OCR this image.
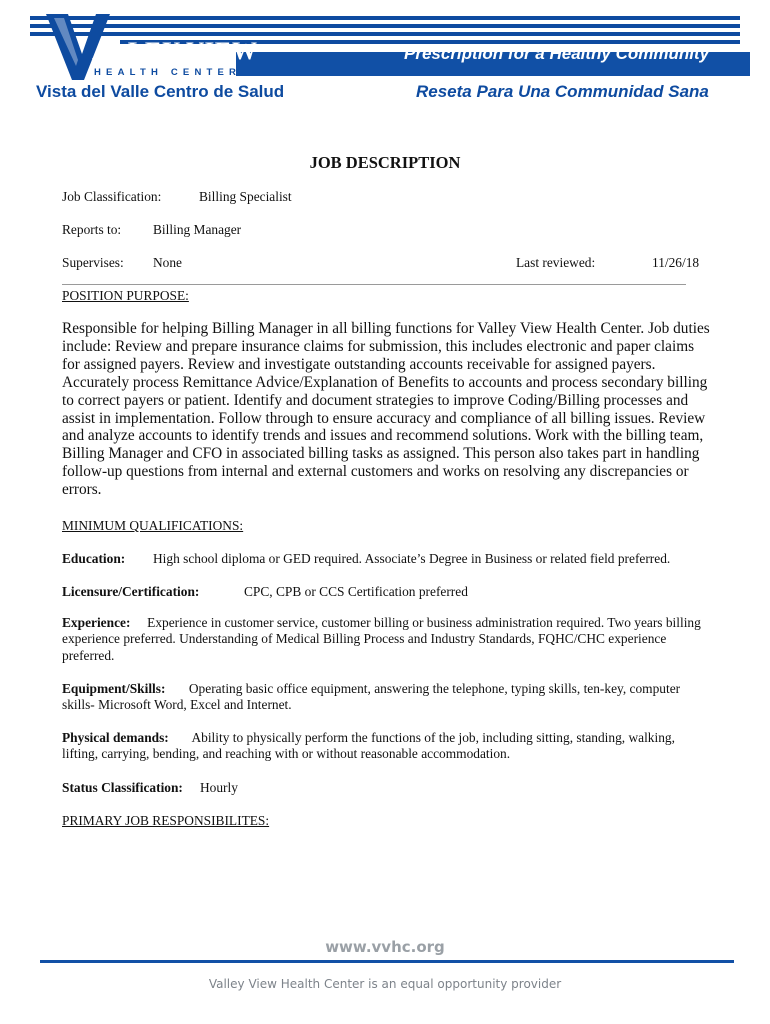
ALLEY VIEW
HEALTH CENTER
Vista del Valle Centro de Salud
Prescription for a Healthy Community
Reseta Para Una Communidad Sana
JOB DESCRIPTION
Job Classification:	Billing Specialist
Reports to: Billing Manager
Supervises: None	Last reviewed:	11/26/18
POSITION PURPOSE:
Responsible for helping Billing Manager in all billing functions for Valley View Health Center. Job duties include: Review and prepare insurance claims for submission, this includes electronic and paper claims for assigned payers. Review and investigate outstanding accounts receivable for assigned payers. Accurately process Remittance Advice/Explanation of Benefits to accounts and process secondary billing to correct payers or patient. Identify and document strategies to improve Coding/Billing processes and assist in implementation. Follow through to ensure accuracy and compliance of all billing issues. Review and analyze accounts to identify trends and issues and recommend solutions. Work with the billing team, Billing Manager and CFO in associated billing tasks as assigned. This person also takes part in handling follow-up questions from internal and external customers and works on resolving any discrepancies or errors.
MINIMUM QUALIFICATIONS:
Education: High school diploma or GED required. Associate’s Degree in Business or related field preferred.
Licensure/Certification:	CPC, CPB or CCS Certification preferred
Experience: Experience in customer service, customer billing or business administration required. Two years billing experience preferred. Understanding of Medical Billing Process and Industry Standards, FQHC/CHC experience preferred.
Equipment/Skills: Operating basic office equipment, answering the telephone, typing skills, ten-key, computer skills- Microsoft Word, Excel and Internet.
Physical demands: Ability to physically perform the functions of the job, including sitting, standing, walking, lifting, carrying, bending, and reaching with or without reasonable accommodation.
Status Classification: Hourly
PRIMARY JOB RESPONSIBILITES:
www.vvhc.org
Valley View Health Center is an equal opportunity provider
